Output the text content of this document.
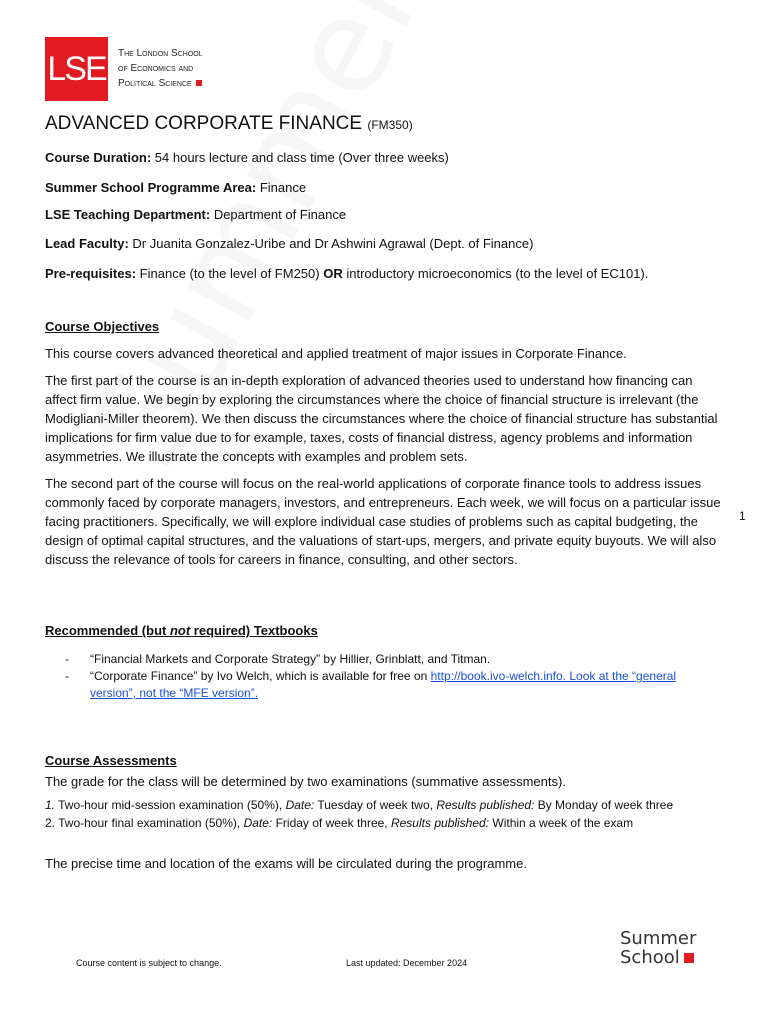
LSE The London School
of Economics and
Political Science
ADVANCED CORPORATE FINANCE (FM350)
Course Duration: 54 hours lecture and class time (Over three weeks)
Summer School Programme Area: Finance
LSE Teaching Department: Department of Finance
Lead Faculty: Dr Juanita Gonzalez-Uribe and Dr Ashwini Agrawal (Dept. of Finance)
Pre-requisites: Finance (to the level of FM250) OR introductory microeconomics (to the level of EC101).
Course Objectives
This course covers advanced theoretical and applied treatment of major issues in Corporate Finance.
The first part of the course is an in-depth exploration of advanced theories used to understand how financing can affect firm value. We begin by exploring the circumstances where the choice of financial structure is irrelevant (the Modigliani-Miller theorem). We then discuss the circumstances where the choice of financial structure has substantial implications for firm value due to for example, taxes, costs of financial distress, agency problems and information asymmetries. We illustrate the concepts with examples and problem sets.
The second part of the course will focus on the real-world applications of corporate finance tools to address issues commonly faced by corporate managers, investors, and entrepreneurs. Each week, we will focus on a particular issue facing practitioners. Specifically, we will explore individual case studies of problems such as capital budgeting, the design of optimal capital structures, and the valuations of start-ups, mergers, and private equity buyouts. We will also discuss the relevance of tools for careers in finance, consulting, and other sectors.
1
Recommended (but not required) Textbooks
-	“Financial Markets and Corporate Strategy” by Hillier, Grinblatt, and Titman.
-	“Corporate Finance” by Ivo Welch, which is available for free on http://book.ivo-welch.info. Look at the “general version”, not the “MFE version”.
Course Assessments
The grade for the class will be determined by two examinations (summative assessments).
1. Two-hour mid-session examination (50%), Date: Tuesday of week two, Results published: By Monday of week three
2. Two-hour final examination (50%), Date: Friday of week three, Results published: Within a week of the exam
The precise time and location of the exams will be circulated during the programme.
Course content is subject to change.	Last updated: December 2024
Summer
School
